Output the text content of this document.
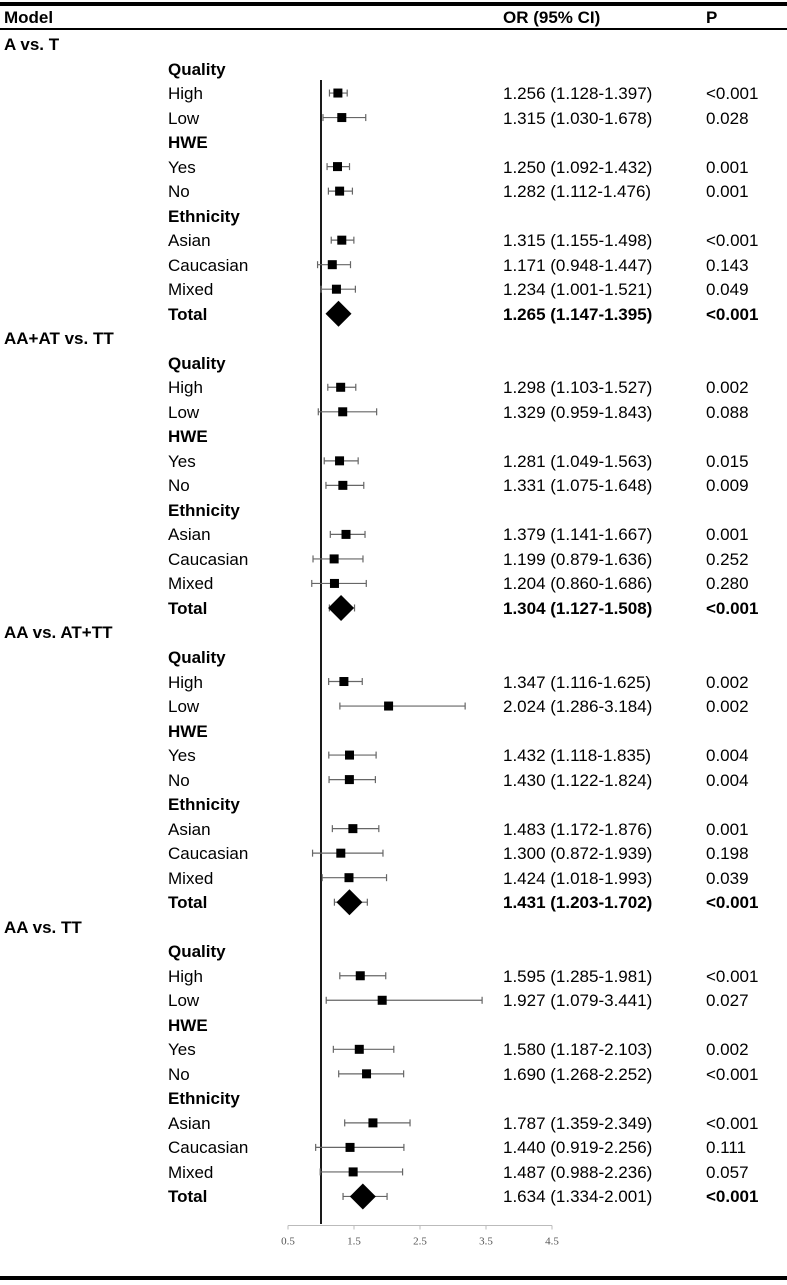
Model	OR (95% CI)	P
A vs. T
Quality
High	1.256 (1.128-1.397)	<0.001
Low	1.315 (1.030-1.678)	0.028
HWE
Yes	1.250 (1.092-1.432)	0.001
No	1.282 (1.112-1.476)	0.001
Ethnicity
Asian	1.315 (1.155-1.498)	<0.001
Caucasian	1.171 (0.948-1.447)	0.143
Mixed	1.234 (1.001-1.521)	0.049
Total	1.265 (1.147-1.395)	<0.001
AA+AT vs. TT
Quality
High	1.298 (1.103-1.527)	0.002
Low	1.329 (0.959-1.843)	0.088
HWE
Yes	1.281 (1.049-1.563)	0.015
No	1.331 (1.075-1.648)	0.009
Ethnicity
Asian	1.379 (1.141-1.667)	0.001
Caucasian	1.199 (0.879-1.636)	0.252
Mixed	1.204 (0.860-1.686)	0.280
Total	1.304 (1.127-1.508)	<0.001
AA vs. AT+TT
Quality
High	1.347 (1.116-1.625)	0.002
Low	2.024 (1.286-3.184)	0.002
HWE
Yes	1.432 (1.118-1.835)	0.004
No	1.430 (1.122-1.824)	0.004
Ethnicity
Asian	1.483 (1.172-1.876)	0.001
Caucasian	1.300 (0.872-1.939)	0.198
Mixed	1.424 (1.018-1.993)	0.039
Total	1.431 (1.203-1.702)	<0.001
AA vs. TT
Quality
High	1.595 (1.285-1.981)	<0.001
Low	1.927 (1.079-3.441)	0.027
HWE
Yes	1.580 (1.187-2.103)	0.002
No	1.690 (1.268-2.252)	<0.001
Ethnicity
Asian	1.787 (1.359-2.349)	<0.001
Caucasian	1.440 (0.919-2.256)	0.111
Mixed	1.487 (0.988-2.236)	0.057
Total	1.634 (1.334-2.001)	<0.001
0.5	1.5	2.5	3.5	4.5
